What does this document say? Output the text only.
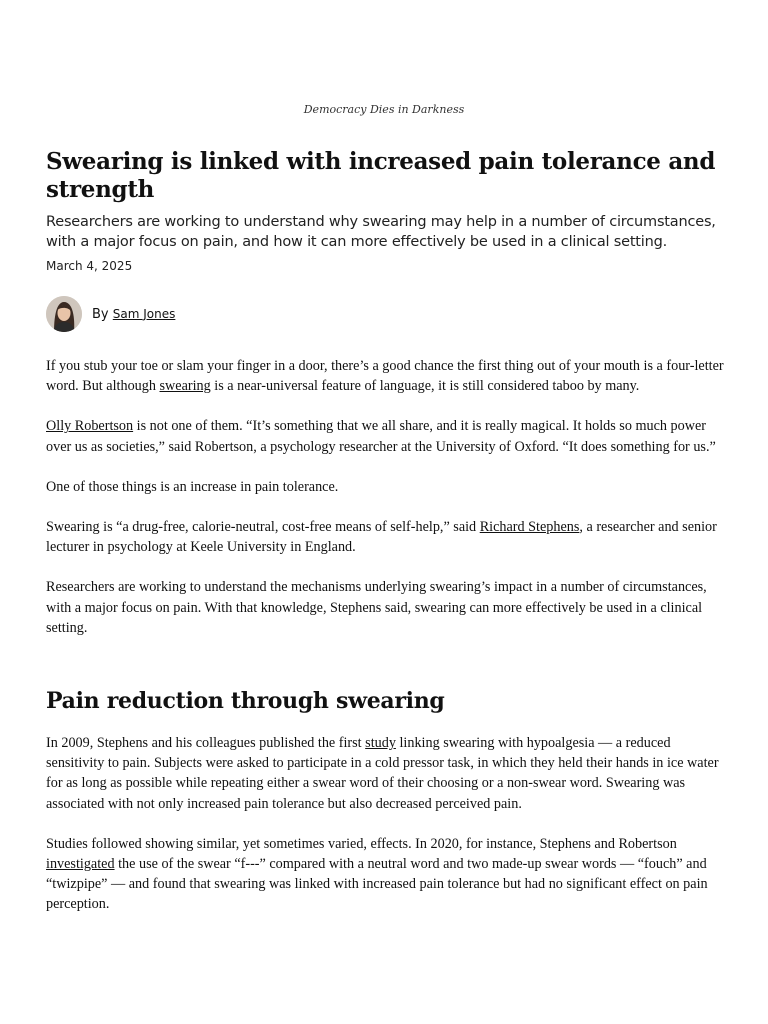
Democracy Dies in Darkness
Swearing is linked with increased pain tolerance and strength

Researchers are working to understand why swearing may help in a number of circumstances, with a major focus on pain, and how it can more effectively be used in a clinical setting.

March 4, 2025
By Sam Jones

If you stub your toe or slam your finger in a door, there’s a good chance the first thing out of your mouth is a four-letter word. But although swearing is a near-universal feature of language, it is still considered taboo by many.

Olly Robertson is not one of them. “It’s something that we all share, and it is really magical. It holds so much power over us as societies,” said Robertson, a psychology researcher at the University of Oxford. “It does something for us.”

One of those things is an increase in pain tolerance.

Swearing is “a drug-free, calorie-neutral, cost-free means of self-help,” said Richard Stephens, a researcher and senior lecturer in psychology at Keele University in England.

Researchers are working to understand the mechanisms underlying swearing’s impact in a number of circumstances, with a major focus on pain. With that knowledge, Stephens said, swearing can more effectively be used in a clinical setting.

Pain reduction through swearing

In 2009, Stephens and his colleagues published the first study linking swearing with hypoalgesia — a reduced sensitivity to pain. Subjects were asked to participate in a cold pressor task, in which they held their hands in ice water for as long as possible while repeating either a swear word of their choosing or a non-swear word. Swearing was associated with not only increased pain tolerance but also decreased perceived pain.

Studies followed showing similar, yet sometimes varied, effects. In 2020, for instance, Stephens and Robertson investigated the use of the swear “f---” compared with a neutral word and two made-up swear words — “fouch” and “twizpipe” — and found that swearing was linked with increased pain tolerance but had no significant effect on pain perception.
